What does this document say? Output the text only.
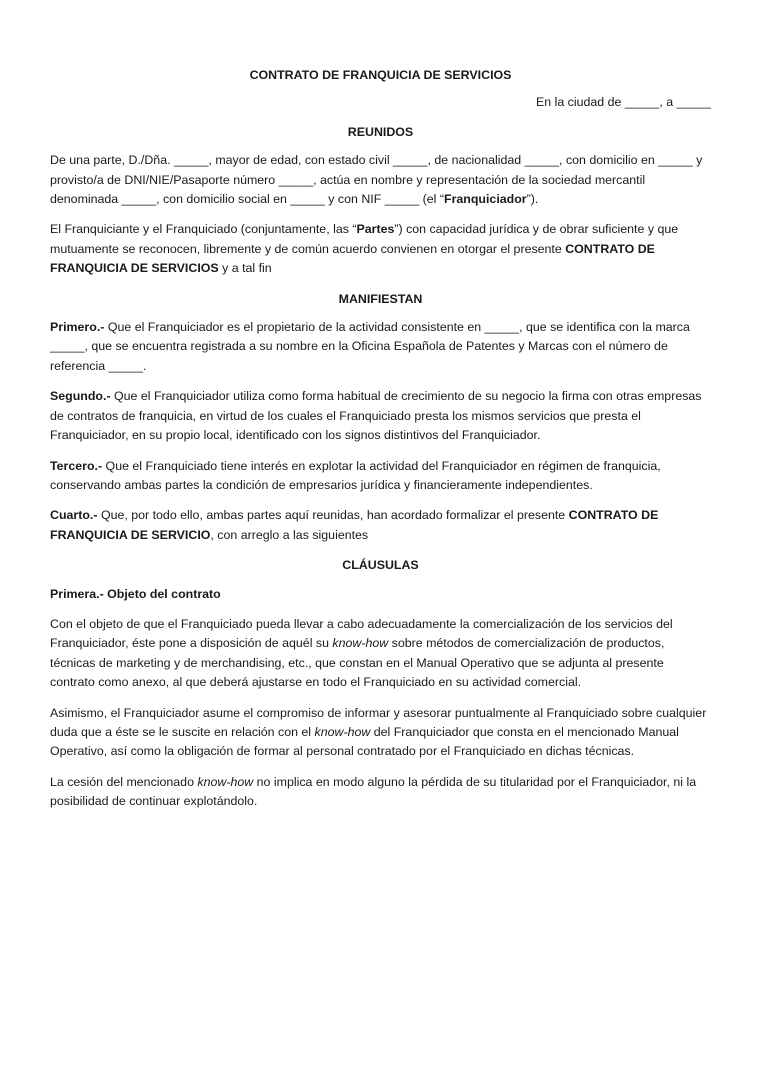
CONTRATO DE FRANQUICIA DE SERVICIOS
En la ciudad de _____, a _____
REUNIDOS

De una parte, D./Dña. _____, mayor de edad, con estado civil _____, de nacionalidad _____, con domicilio en _____ y provisto/a de DNI/NIE/Pasaporte número _____, actúa en nombre y representación de la sociedad mercantil denominada _____, con domicilio social en _____ y con NIF _____ (el “Franquiciador”).

El Franquiciante y el Franquiciado (conjuntamente, las “Partes”) con capacidad jurídica y de obrar suficiente y que mutuamente se reconocen, libremente y de común acuerdo convienen en otorgar el presente CONTRATO DE FRANQUICIA DE SERVICIOS y a tal fin

MANIFIESTAN

Primero.- Que el Franquiciador es el propietario de la actividad consistente en _____, que se identifica con la marca _____, que se encuentra registrada a su nombre en la Oficina Española de Patentes y Marcas con el número de referencia _____.

Segundo.- Que el Franquiciador utiliza como forma habitual de crecimiento de su negocio la firma con otras empresas de contratos de franquicia, en virtud de los cuales el Franquiciado presta los mismos servicios que presta el Franquiciador, en su propio local, identificado con los signos distintivos del Franquiciador.

Tercero.- Que el Franquiciado tiene interés en explotar la actividad del Franquiciador en régimen de franquicia, conservando ambas partes la condición de empresarios jurídica y financieramente independientes.

Cuarto.- Que, por todo ello, ambas partes aquí reunidas, han acordado formalizar el presente CONTRATO DE FRANQUICIA DE SERVICIO, con arreglo a las siguientes

CLÁUSULAS
Primera.- Objeto del contrato

Con el objeto de que el Franquiciado pueda llevar a cabo adecuadamente la comercialización de los servicios del Franquiciador, éste pone a disposición de aquél su know-how sobre métodos de comercialización de productos, técnicas de marketing y de merchandising, etc., que constan en el Manual Operativo que se adjunta al presente contrato como anexo, al que deberá ajustarse en todo el Franquiciado en su actividad comercial.

Asimismo, el Franquiciador asume el compromiso de informar y asesorar puntualmente al Franquiciado sobre cualquier duda que a éste se le suscite en relación con el know-how del Franquiciador que consta en el mencionado Manual Operativo, así como la obligación de formar al personal contratado por el Franquiciado en dichas técnicas.

La cesión del mencionado know-how no implica en modo alguno la pérdida de su titularidad por el Franquiciador, ni la posibilidad de continuar explotándolo.
